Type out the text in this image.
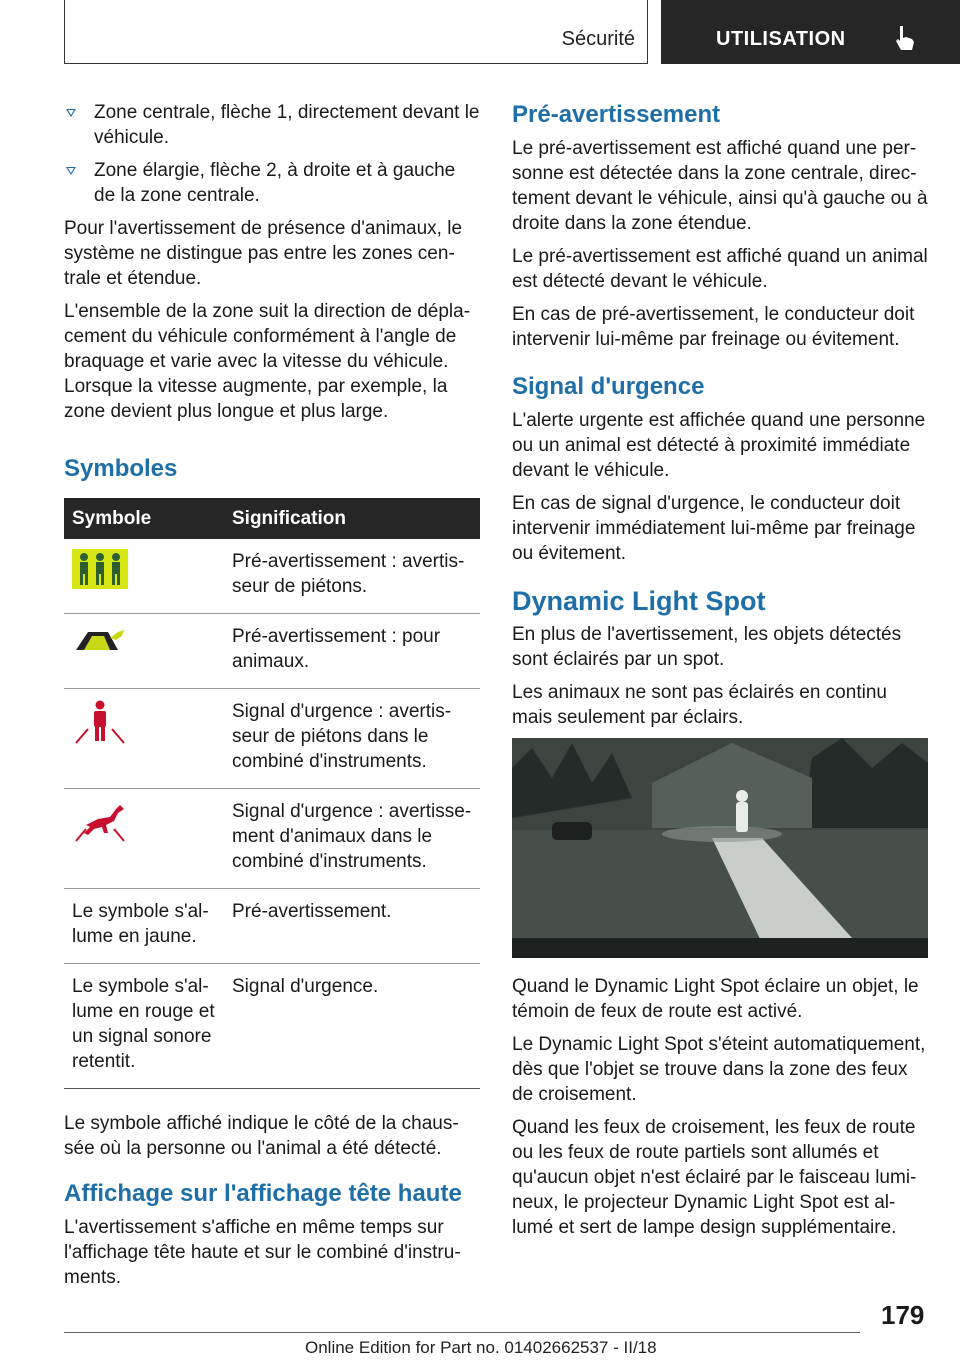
Sécurité	UTILISATION
Zone centrale, flèche 1, directement devant le véhicule.
Zone élargie, flèche 2, à droite et à gauche de la zone centrale.

Pour l'avertissement de présence d'animaux, le système ne distingue pas entre les zones centrale et étendue.

L'ensemble de la zone suit la direction de déplacement du véhicule conformément à l'angle de braquage et varie avec la vitesse du véhicule. Lorsque la vitesse augmente, par exemple, la zone devient plus longue et plus large.

Symboles
Symbole	Signification
	Pré-avertissement : avertisseur de piétons.
	Pré-avertissement : pour animaux.
	Signal d'urgence : avertisseur de piétons dans le combiné d'instruments.
	Signal d'urgence : avertissement d'animaux dans le combiné d'instruments.
Le symbole s'allume en jaune.	Pré-avertissement.
Le symbole s'allume en rouge et un signal sonore retentit.	Signal d'urgence.

Le symbole affiché indique le côté de la chaussée où la personne ou l'animal a été détecté.

Affichage sur l'affichage tête haute

L'avertissement s'affiche en même temps sur l'affichage tête haute et sur le combiné d'instruments.

Pré-avertissement

Le pré-avertissement est affiché quand une personne est détectée dans la zone centrale, directement devant le véhicule, ainsi qu'à gauche ou à droite dans la zone étendue.

Le pré-avertissement est affiché quand un animal est détecté devant le véhicule.

En cas de pré-avertissement, le conducteur doit intervenir lui-même par freinage ou évitement.

Signal d'urgence

L'alerte urgente est affichée quand une personne ou un animal est détecté à proximité immédiate devant le véhicule.

En cas de signal d'urgence, le conducteur doit intervenir immédiatement lui-même par freinage ou évitement.

Dynamic Light Spot

En plus de l'avertissement, les objets détectés sont éclairés par un spot.

Les animaux ne sont pas éclairés en continu mais seulement par éclairs.

Quand le Dynamic Light Spot éclaire un objet, le témoin de feux de route est activé.

Le Dynamic Light Spot s'éteint automatiquement, dès que l'objet se trouve dans la zone des feux de croisement.

Quand les feux de croisement, les feux de route ou les feux de route partiels sont allumés et qu'aucun objet n'est éclairé par le faisceau lumineux, le projecteur Dynamic Light Spot est allumé et sert de lampe design supplémentaire.

179
Online Edition for Part no. 01402662537 - II/18
